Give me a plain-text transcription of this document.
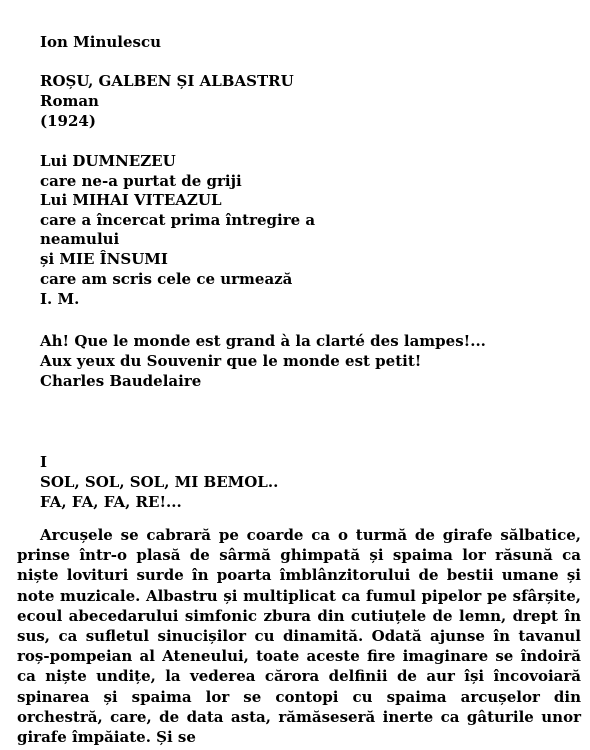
Ion Minulescu
ROȘU, GALBEN ȘI ALBASTRU
Roman
(1924)
Lui DUMNEZEU
care ne-a purtat de griji
Lui MIHAI VITEAZUL
care a încercat prima întregire a
neamului
și MIE ÎNSUMI
care am scris cele ce urmează
I. M.
Ah! Que le monde est grand à la clarté des lampes!...
Aux yeux du Souvenir que le monde est petit!
Charles Baudelaire
I
SOL, SOL, SOL, MI BEMOL..
FA, FA, FA, RE!...

Arcușele se cabrară pe coarde ca o turmă de girafe sălbatice, prinse într-o plasă de sârmă ghimpată și spaima lor răsună ca niște lovituri surde în poarta îmblânzitorului de bestii umane și note muzicale. Albastru și multiplicat ca fumul pipelor pe sfârșite, ecoul abecedarului simfonic zbura din cutiuțele de lemn, drept în sus, ca sufletul sinucișilor cu dinamită. Odată ajunse în tavanul roș-pompeian al Ateneului, toate aceste fire imaginare se îndoiră ca niște undițe, la vederea cărora delfinii de aur își încovoiară spinarea și spaima lor se contopi cu spaima arcușelor din orchestră, care, de data asta, rămăseseră inerte ca gâturile unor girafe împăiate. Și se
